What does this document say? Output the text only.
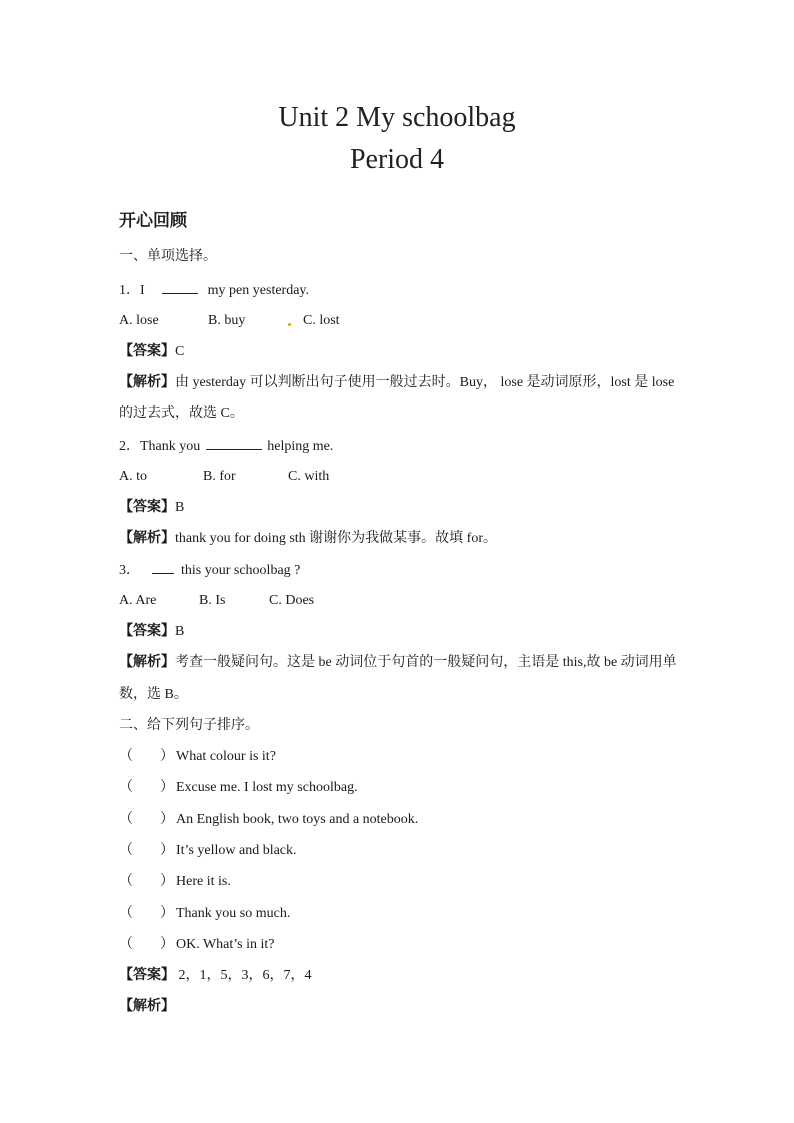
Unit 2 My schoolbag
Period 4
开心回顾
一、单项选择。
1．I	my pen yesterday.
A. lose	B. buy	C. lost
【答案】C
【解析】由 yesterday 可以判断出句子使用一般过去时。Buy， lose 是动词原形，lost 是 lose
的过去式，故选 C。
2．Thank you	helping me.
A. to	B. for	C. with
【答案】B
【解析】thank you for doing sth 谢谢你为我做某事。故填 for。
3．	this your schoolbag ?
A. Are	B. Is	C. Does
【答案】B
【解析】考查一般疑问句。这是 be 动词位于句首的一般疑问句，主语是 this,故 be 动词用单
数，选 B。
二、给下列句子排序。
（ ） What colour is it?
（ ） Excuse me. I lost my schoolbag.
（ ） An English book, two toys and a notebook.
（ ） It’s yellow and black.
（ ） Here it is.
（ ） Thank you so much.
（ ） OK. What’s in it?
【答案】 2，1，5，3，6，7，4
【解析】
